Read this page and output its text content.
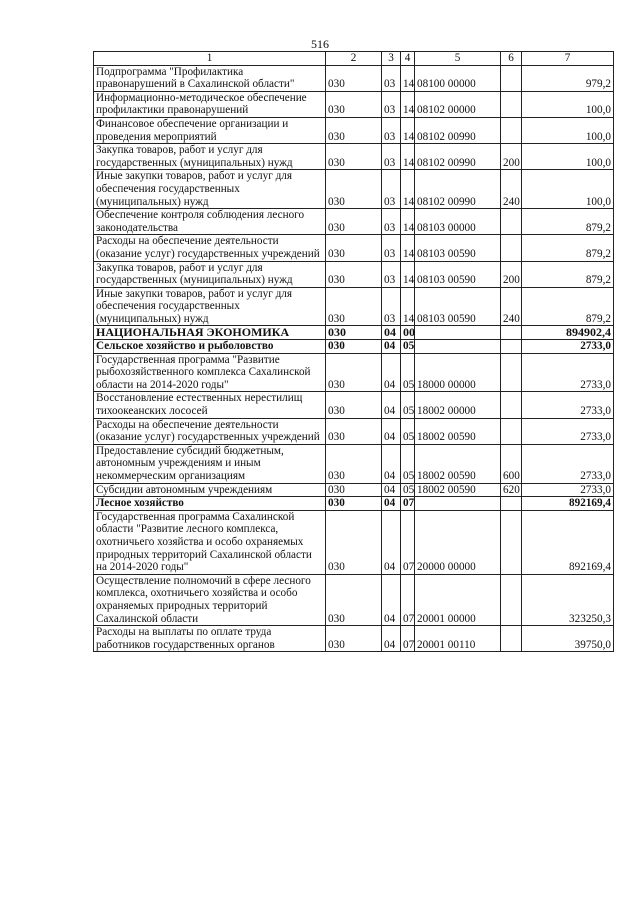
516
1	2	3	4	5	6	7
Подпрограмма "Профилактика правонарушений в Сахалинской области"	030	03	14	08100 00000		979,2
Информационно-методическое обеспечение профилактики правонарушений	030	03	14	08102 00000		100,0
Финансовое обеспечение организации и проведения мероприятий	030	03	14	08102 00990		100,0
Закупка товаров, работ и услуг для государственных (муниципальных) нужд	030	03	14	08102 00990	200	100,0
Иные закупки товаров, работ и услуг для обеспечения государственных (муниципальных) нужд	030	03	14	08102 00990	240	100,0
Обеспечение контроля соблюдения лесного законодательства	030	03	14	08103 00000		879,2
Расходы на обеспечение деятельности (оказание услуг) государственных учреждений	030	03	14	08103 00590		879,2
Закупка товаров, работ и услуг для государственных (муниципальных) нужд	030	03	14	08103 00590	200	879,2
Иные закупки товаров, работ и услуг для обеспечения государственных (муниципальных) нужд	030	03	14	08103 00590	240	879,2
НАЦИОНАЛЬНАЯ ЭКОНОМИКА	030	04	00			894902,4
Сельское хозяйство и рыболовство	030	04	05			2733,0
Государственная программа "Развитие рыбохозяйственного комплекса Сахалинской области на 2014-2020 годы"	030	04	05	18000 00000		2733,0
Восстановление естественных нерестилищ тихоокеанских лососей	030	04	05	18002 00000		2733,0
Расходы на обеспечение деятельности (оказание услуг) государственных учреждений	030	04	05	18002 00590		2733,0
Предоставление субсидий бюджетным, автономным учреждениям и иным некоммерческим организациям	030	04	05	18002 00590	600	2733,0
Субсидии автономным учреждениям	030	04	05	18002 00590	620	2733,0
Лесное хозяйство	030	04	07			892169,4
Государственная программа Сахалинской области "Развитие лесного комплекса, охотничьего хозяйства и особо охраняемых природных территорий Сахалинской области на 2014-2020 годы"	030	04	07	20000 00000		892169,4
Осуществление полномочий в сфере лесного комплекса, охотничьего хозяйства и особо охраняемых природных территорий Сахалинской области	030	04	07	20001 00000		323250,3
Расходы на выплаты по оплате труда работников государственных органов	030	04	07	20001 00110		39750,0
